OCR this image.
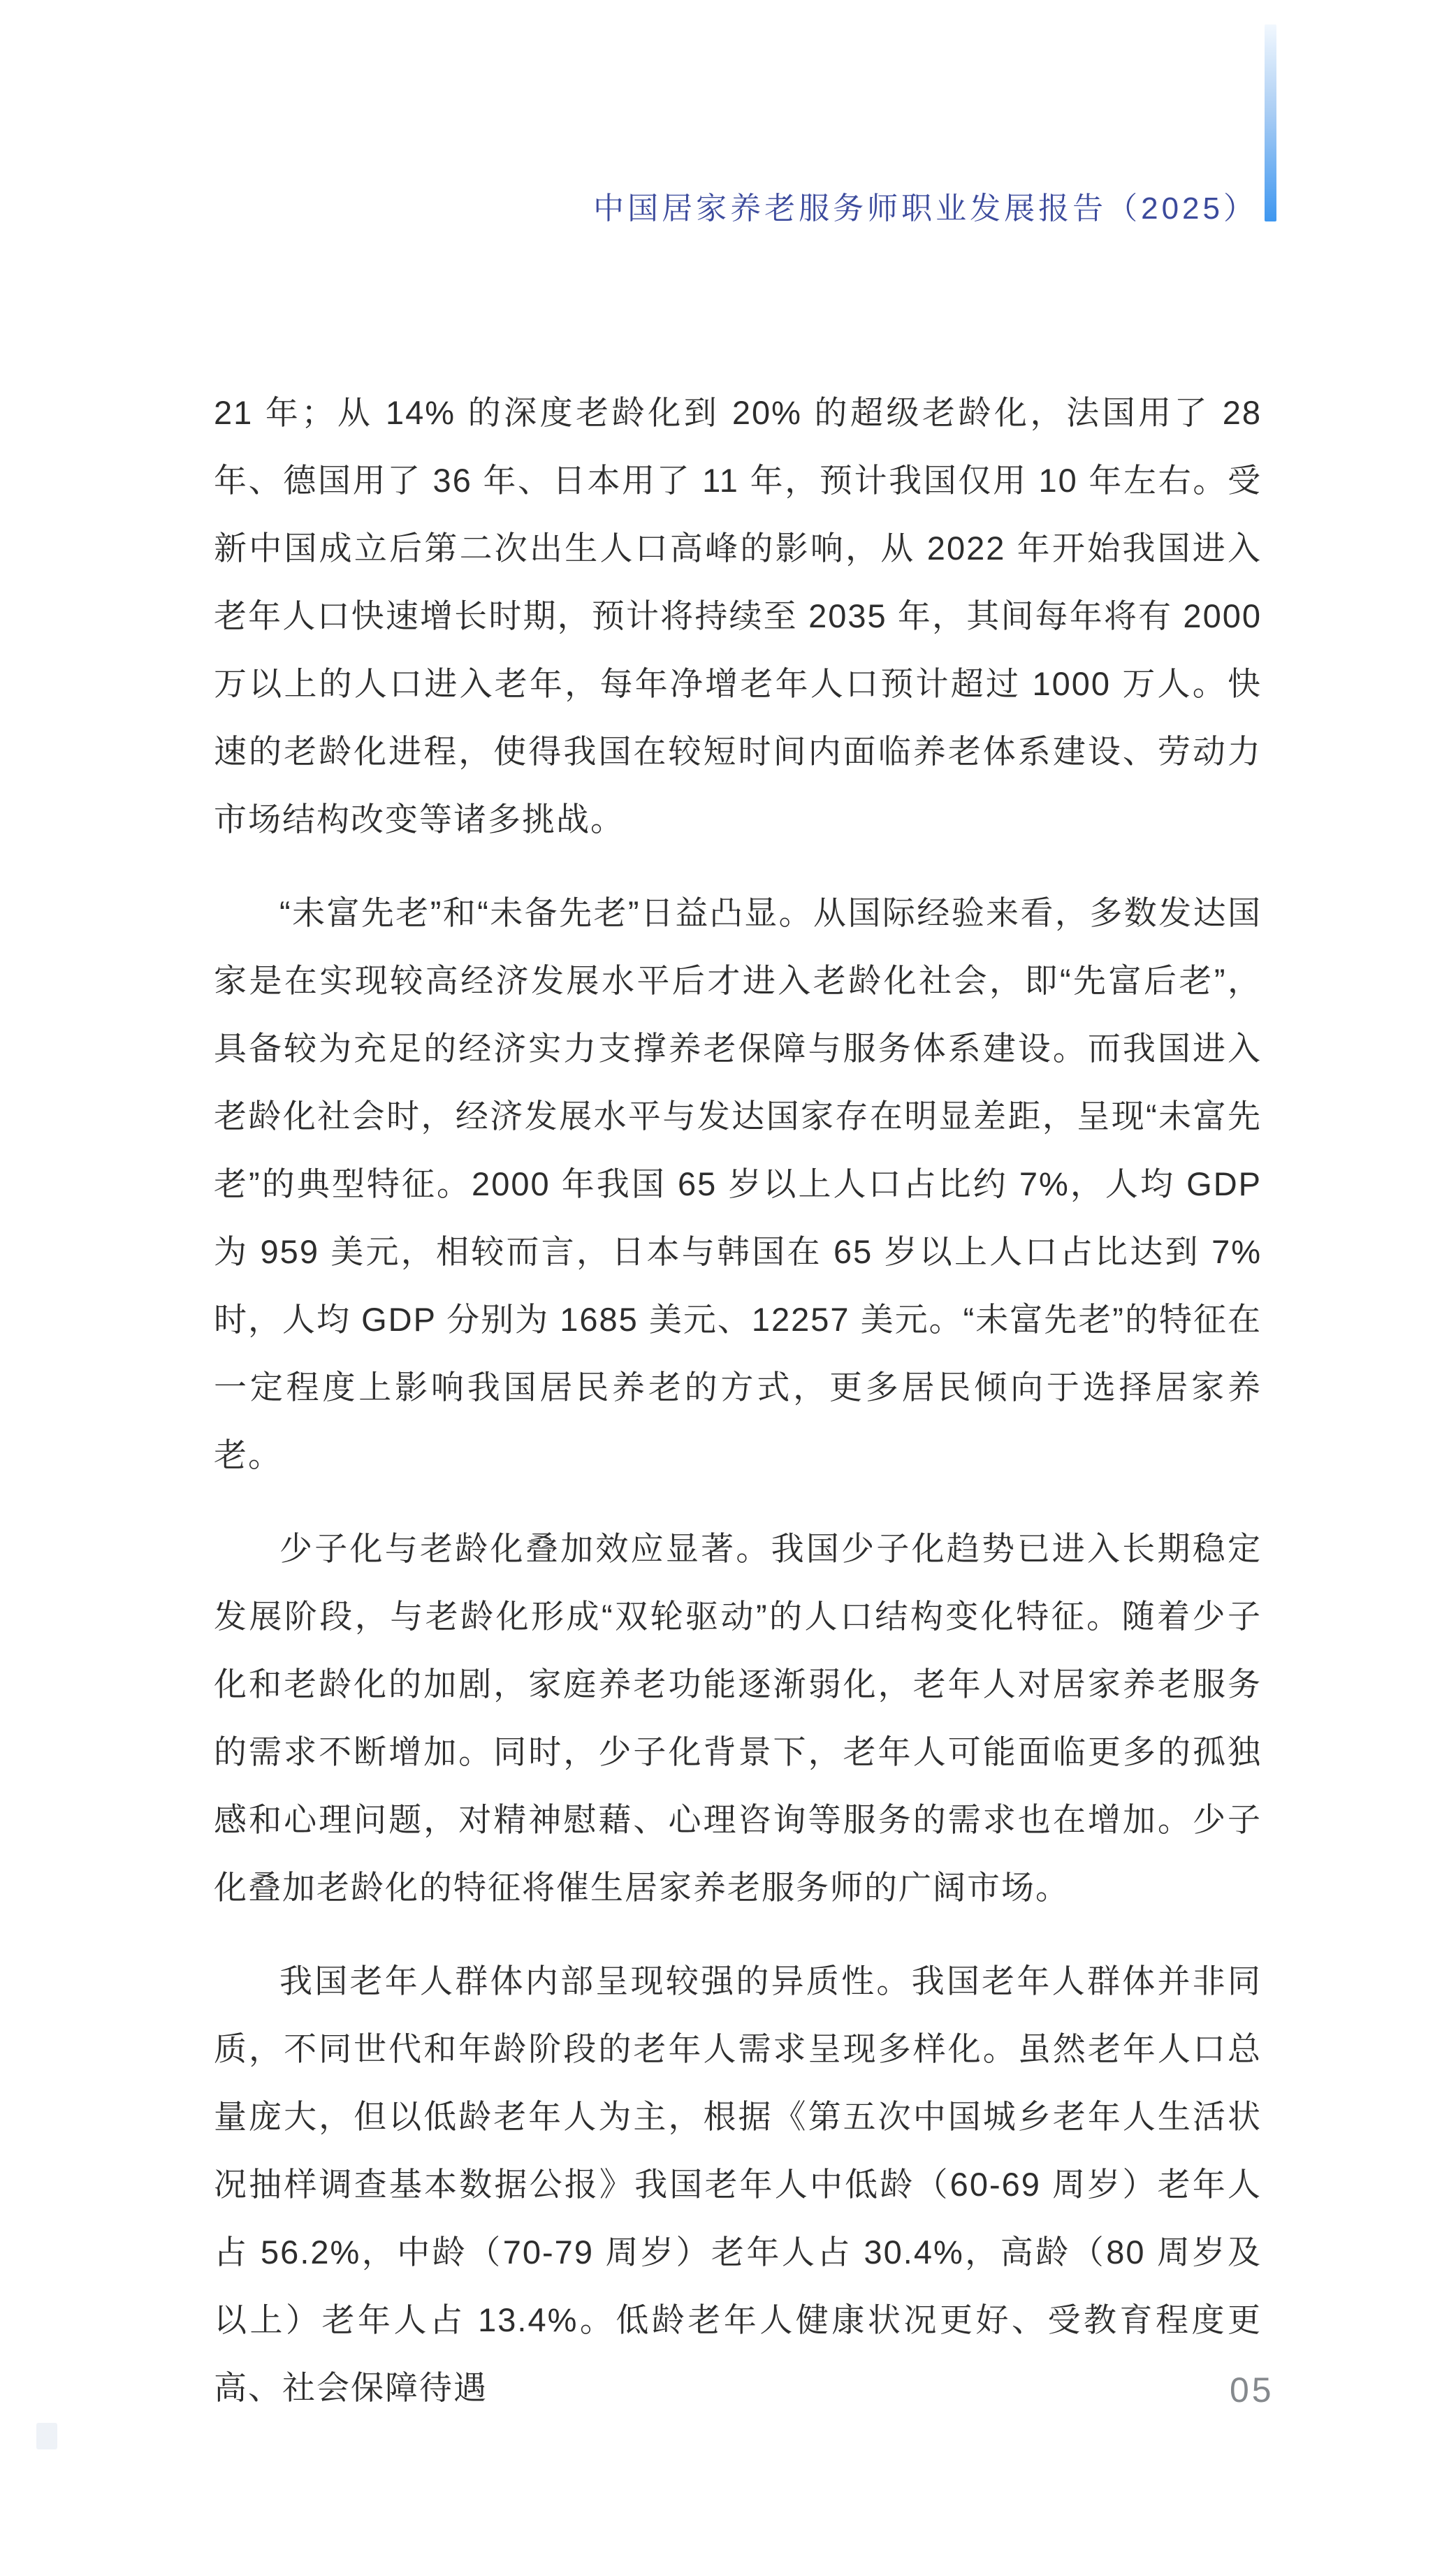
中国居家养老服务师职业发展报告（2025）

21 年；从 14% 的深度老龄化到 20% 的超级老龄化，法国用了 28 年、德国用了 36 年、日本用了 11 年，预计我国仅用 10 年左右。受新中国成立后第二次出生人口高峰的影响，从 2022 年开始我国进入老年人口快速增长时期，预计将持续至 2035 年，其间每年将有 2000 万以上的人口进入老年，每年净增老年人口预计超过 1000 万人。快速的老龄化进程，使得我国在较短时间内面临养老体系建设、劳动力市场结构改变等诸多挑战。

“未富先老”和“未备先老”日益凸显。从国际经验来看，多数发达国家是在实现较高经济发展水平后才进入老龄化社会，即“先富后老”，具备较为充足的经济实力支撑养老保障与服务体系建设。而我国进入老龄化社会时，经济发展水平与发达国家存在明显差距，呈现“未富先老”的典型特征。2000 年我国 65 岁以上人口占比约 7%，人均 GDP 为 959 美元，相较而言，日本与韩国在 65 岁以上人口占比达到 7% 时，人均 GDP 分别为 1685 美元、12257 美元。“未富先老”的特征在一定程度上影响我国居民养老的方式，更多居民倾向于选择居家养老。

少子化与老龄化叠加效应显著。我国少子化趋势已进入长期稳定发展阶段，与老龄化形成“双轮驱动”的人口结构变化特征。随着少子化和老龄化的加剧，家庭养老功能逐渐弱化，老年人对居家养老服务的需求不断增加。同时，少子化背景下，老年人可能面临更多的孤独感和心理问题，对精神慰藉、心理咨询等服务的需求也在增加。少子化叠加老龄化的特征将催生居家养老服务师的广阔市场。

我国老年人群体内部呈现较强的异质性。我国老年人群体并非同质，不同世代和年龄阶段的老年人需求呈现多样化。虽然老年人口总量庞大，但以低龄老年人为主，根据《第五次中国城乡老年人生活状况抽样调查基本数据公报》我国老年人中低龄（60-69 周岁）老年人占 56.2%，中龄（70-79 周岁）老年人占 30.4%，高龄（80 周岁及以上）老年人占 13.4%。低龄老年人健康状况更好、受教育程度更高、社会保障待遇	05
